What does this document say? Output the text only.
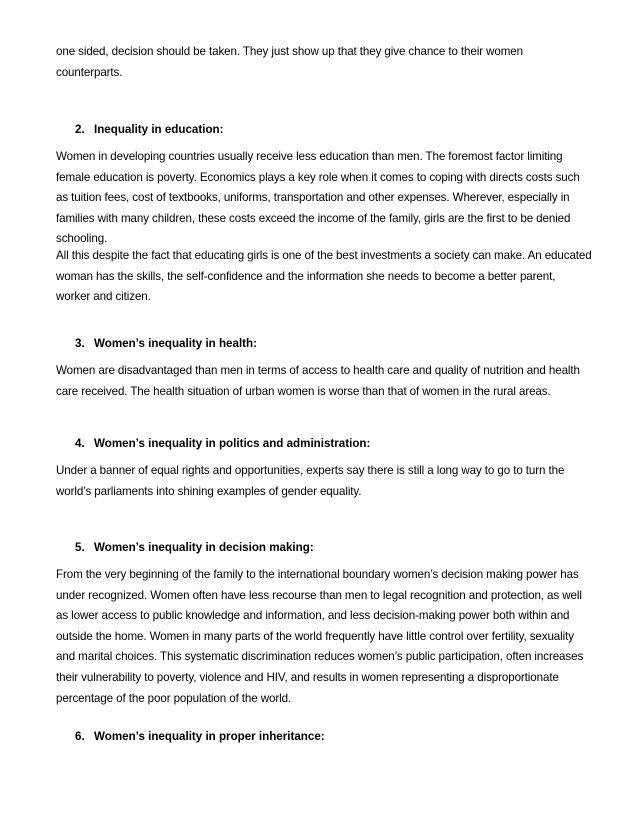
one sided, decision should be taken. They just show up that they give chance to their women counterparts.

2. Inequality in education:

Women in developing countries usually receive less education than men. The foremost factor limiting female education is poverty. Economics plays a key role when it comes to coping with directs costs such as tuition fees, cost of textbooks, uniforms, transportation and other expenses. Wherever, especially in families with many children, these costs exceed the income of the family, girls are the first to be denied schooling.

All this despite the fact that educating girls is one of the best investments a society can make. An educated woman has the skills, the self-confidence and the information she needs to become a better parent, worker and citizen.

3. Women’s inequality in health:

Women are disadvantaged than men in terms of access to health care and quality of nutrition and health care received. The health situation of urban women is worse than that of women in the rural areas.

4. Women’s inequality in politics and administration:

Under a banner of equal rights and opportunities, experts say there is still a long way to go to turn the world’s parliaments into shining examples of gender equality.

5. Women’s inequality in decision making:

From the very beginning of the family to the international boundary women’s decision making power has under recognized. Women often have less recourse than men to legal recognition and protection, as well as lower access to public knowledge and information, and less decision-making power both within and outside the home. Women in many parts of the world frequently have little control over fertility, sexuality and marital choices. This systematic discrimination reduces women’s public participation, often increases their vulnerability to poverty, violence and HIV, and results in women representing a disproportionate percentage of the poor population of the world.

6. Women’s inequality in proper inheritance:
